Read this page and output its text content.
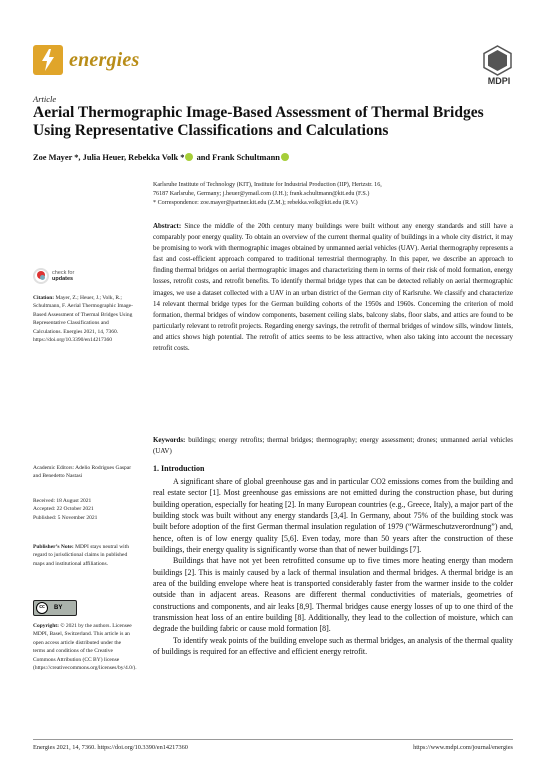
energies
MDPI
Article
Aerial Thermographic Image-Based Assessment of Thermal Bridges Using Representative Classifications and Calculations
Zoe Mayer *, Julia Heuer, Rebekka Volk * and Frank Schultmann
Karlsruhe Institute of Technology (KIT), Institute for Industrial Production (IIP), Hertzstr. 16,
76187 Karlsruhe, Germany; j.heuer@ymail.com (J.H.); frank.schultmann@kit.edu (F.S.)
* Correspondence: zoe.mayer@partner.kit.edu (Z.M.); rebekka.volk@kit.edu (R.V.)
Abstract: Since the middle of the 20th century many buildings were built without any energy standards and still have a comparably poor energy quality. To obtain an overview of the current thermal quality of buildings in a whole city district, it may be promising to work with thermographic images obtained by unmanned aerial vehicles (UAV). Aerial thermography represents a fast and cost-efficient approach compared to traditional terrestrial thermography. In this paper, we describe an approach to finding thermal bridges on aerial thermographic images and characterizing them in terms of their risk of mold formation, energy losses, retrofit costs, and retrofit benefits. To identify thermal bridge types that can be detected reliably on aerial thermographic images, we use a dataset collected with a UAV in an urban district of the German city of Karlsruhe. We classify and characterize 14 relevant thermal bridge types for the German building cohorts of the 1950s and 1960s. Concerning the criterion of mold formation, thermal bridges of window components, basement ceiling slabs, balcony slabs, floor slabs, and attics are found to be particularly relevant to retrofit projects. Regarding energy savings, the retrofit of thermal bridges of window sills, window lintels, and attics shows high potential. The retrofit of attics seems to be less attractive, when also taking into account the necessary retrofit costs.
Keywords: buildings; energy retrofits; thermal bridges; thermography; energy assessment; drones; unmanned aerial vehicles (UAV)
1. Introduction

A significant share of global greenhouse gas and in particular CO2 emissions comes from the building and real estate sector [1]. Most greenhouse gas emissions are not emitted during the construction phase, but during building operation, especially for heating [2]. In many European countries (e.g., Greece, Italy), a major part of the building stock was built without any energy standards [3,4]. In Germany, about 75% of the building stock was built before adoption of the first German thermal insulation regulation of 1979 (“Wärmeschutzverordnung”) and, hence, often is of low energy quality [5,6]. Even today, more than 50 years after the construction of these buildings, their energy quality is significantly worse than that of newer buildings [7].

Buildings that have not yet been retrofitted consume up to five times more heating energy than modern buildings [2]. This is mainly caused by a lack of thermal insulation and thermal bridges. A thermal bridge is an area of the building envelope where heat is transported considerably faster from the warmer inside to the colder outside than in adjacent areas. Reasons are different thermal conductivities of materials, geometries of constructions and components, and air leaks [8,9]. Thermal bridges cause energy losses of up to one third of the transmission heat loss of an entire building [8]. Additionally, they lead to the collection of moisture, which can degrade the building fabric or cause mold formation [8].

To identify weak points of the building envelope such as thermal bridges, an analysis of the thermal quality of buildings is required for an effective and efficient energy retrofit.

check for
updates
Citation: Mayer, Z.; Heuer, J.; Volk, R.; Schultmann, F. Aerial Thermographic Image-Based Assessment of Thermal Bridges Using Representative Classifications and Calculations. Energies 2021, 14, 7360. https://doi.org/10.3390/en14217360
Academic Editors: Adelio Rodrigues Gaspar and Benedetto Nastasi
Received: 18 August 2021
Accepted: 22 October 2021
Published: 5 November 2021
Publisher’s Note: MDPI stays neutral with regard to jurisdictional claims in published maps and institutional affiliations.
cc	BY
Copyright: © 2021 by the authors. Licensee MDPI, Basel, Switzerland. This article is an open access article distributed under the terms and conditions of the Creative Commons Attribution (CC BY) license (https://creativecommons.org/licenses/by/4.0/).
Energies 2021, 14, 7360. https://doi.org/10.3390/en14217360	https://www.mdpi.com/journal/energies
